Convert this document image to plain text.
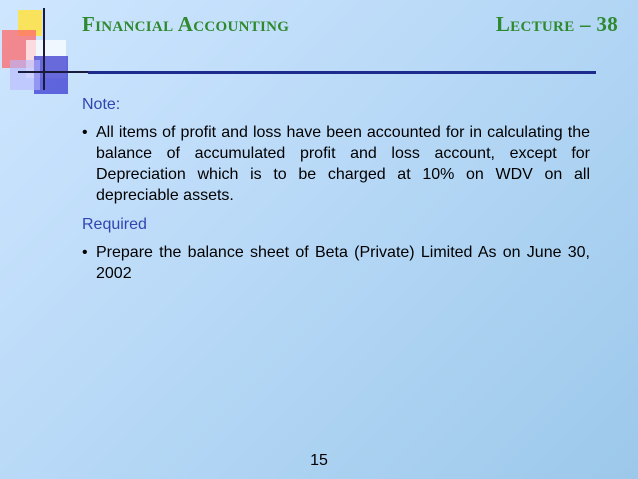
Financial Accounting	Lecture – 38

Note:

• All items of profit and loss have been accounted for in calculating the balance of accumulated profit and loss account, except for Depreciation which is to be charged at 10% on WDV on all depreciable assets.

Required

• Prepare the balance sheet of Beta (Private) Limited As on June 30, 2002

15
